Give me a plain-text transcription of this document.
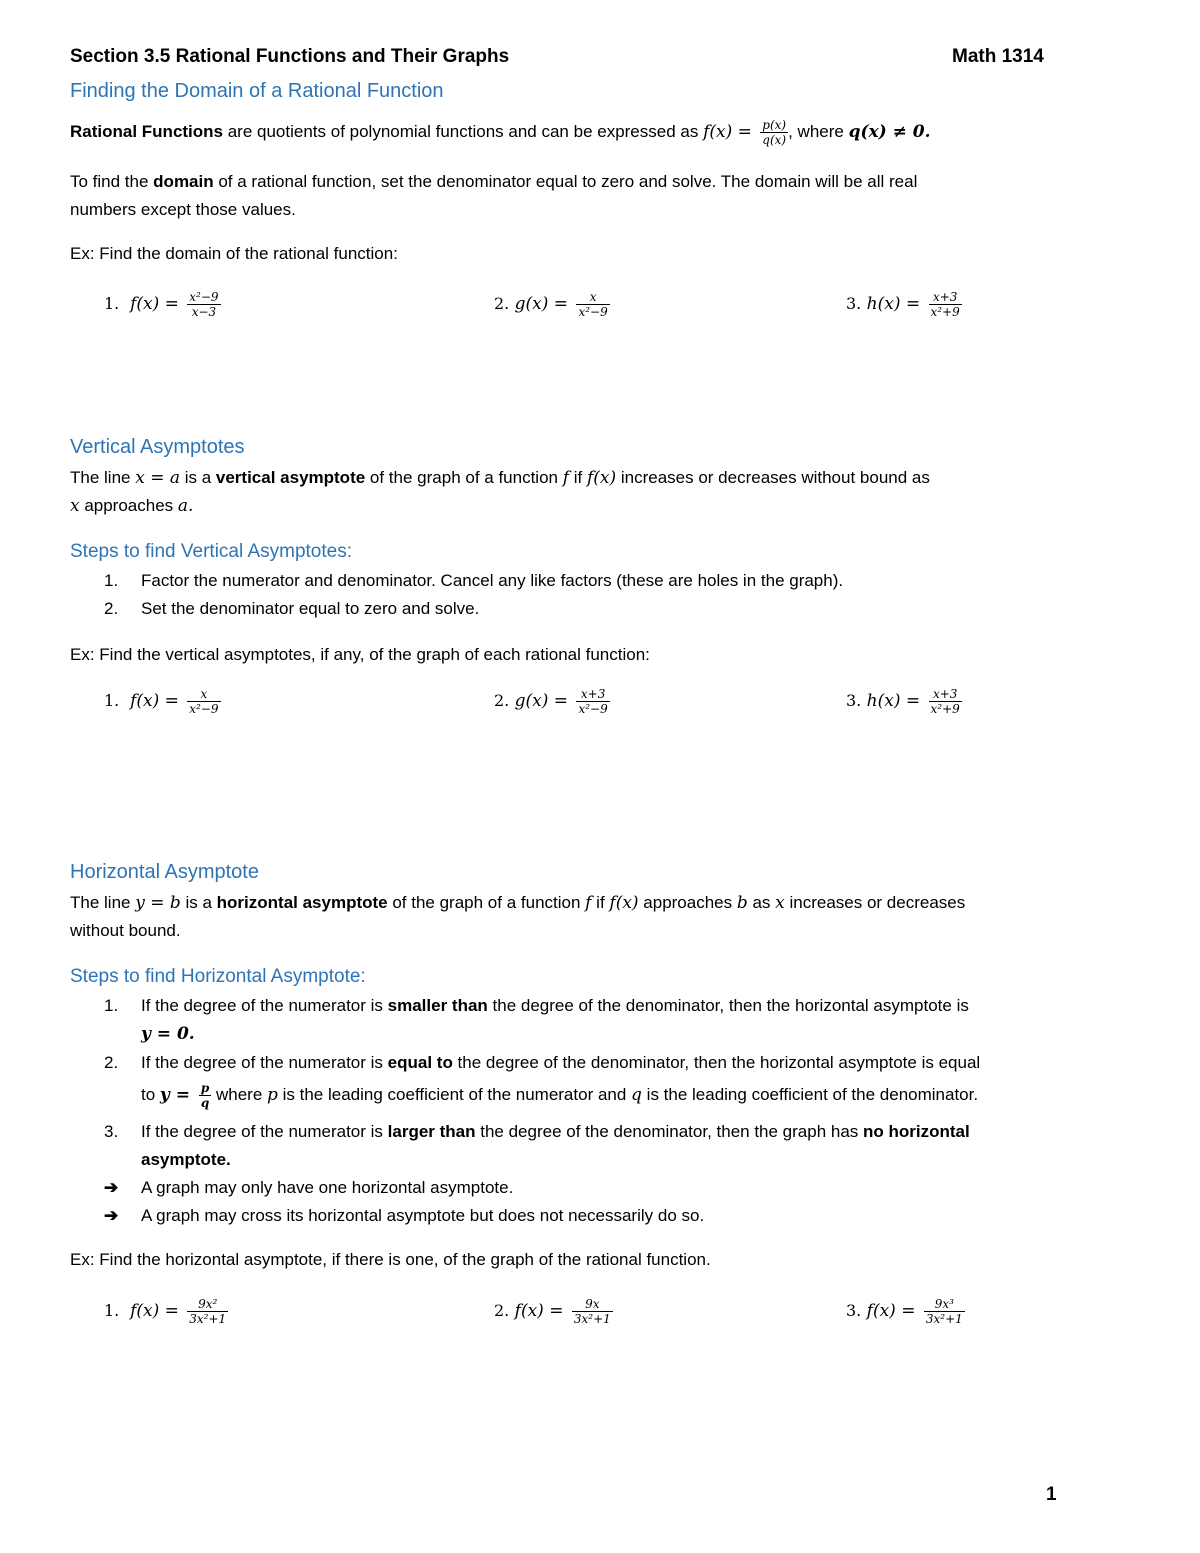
Section 3.5 Rational Functions and Their Graphs	Math 1314
Finding the Domain of a Rational Function
Rational Functions are quotients of polynomial functions and can be expressed as $f(x) = \frac{p(x)}{q(x)}$ , where q(x) ≠ 0.
To find the domain of a rational function, set the denominator equal to zero and solve. The domain will be all real
numbers except those values.
Ex: Find the domain of the rational function:
1. $f(x) = \frac{\text{x²−9}}{x-3}$	2. $g(x) = \frac{x}{\text{x²−9}}$	3. $h(x) = \frac{x+3}{\text{x²+9}}$
Vertical Asymptotes
The line x = a is a vertical asymptote of the graph of a function f if f(x) increases or decreases without bound as
x approaches a.
Steps to find Vertical Asymptotes:
1. Factor the numerator and denominator. Cancel any like factors (these are holes in the graph).
2. Set the denominator equal to zero and solve.
Ex: Find the vertical asymptotes, if any, of the graph of each rational function:
1. $f(x) = \frac{x}{\text{x²−9}}$	2. $g(x) = \frac{x+3}{\text{x²−9}}$	3. $h(x) = \frac{x+3}{\text{x²+9}}$
Horizontal Asymptote
The line y = b is a horizontal asymptote of the graph of a function f if f(x) approaches b as x increases or decreases
without bound.
Steps to find Horizontal Asymptote:
1. If the degree of the numerator is smaller than the degree of the denominator, then the horizontal asymptote is
y = 0.
2. If the degree of the numerator is equal to the degree of the denominator, then the horizontal asymptote is equal
to $y = \frac{p}{q}$ where p is the leading coefficient of the numerator and q is the leading coefficient of the denominator.
3. If the degree of the numerator is larger than the degree of the denominator, then the graph has no horizontal
asymptote.
➔ A graph may only have one horizontal asymptote.
➔ A graph may cross its horizontal asymptote but does not necessarily do so.
Ex: Find the horizontal asymptote, if there is one, of the graph of the rational function.
1. $f(x) = \frac{\text{9x²}}{\text{3x²+1}}$	2. $f(x) = \frac{9x}{\text{3x²+1}}$	3. $f(x) = \frac{\text{9x³}}{\text{3x²+1}}$
1
